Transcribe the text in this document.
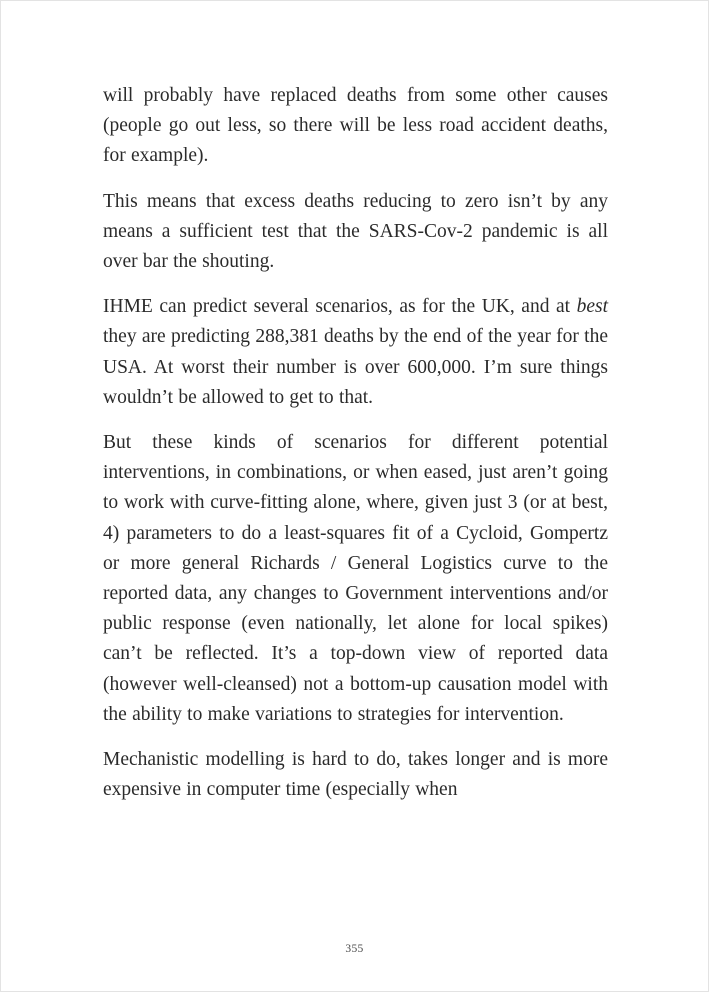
will probably have replaced deaths from some other causes (people go out less, so there will be less road accident deaths, for example).

This means that excess deaths reducing to zero isn’t by any means a sufficient test that the SARS-Cov-2 pandemic is all over bar the shouting.

IHME can predict several scenarios, as for the UK, and at best they are predicting 288,381 deaths by the end of the year for the USA. At worst their number is over 600,000. I’m sure things wouldn’t be allowed to get to that.

But these kinds of scenarios for different potential interventions, in combinations, or when eased, just aren’t going to work with curve-fitting alone, where, given just 3 (or at best, 4) parameters to do a least-squares fit of a Cycloid, Gompertz or more general Richards / General Logistics curve to the reported data, any changes to Government interventions and/or public response (even nationally, let alone for local spikes) can’t be reflected. It’s a top-down view of reported data (however well-cleansed) not a bottom-up causation model with the ability to make variations to strategies for intervention.

Mechanistic modelling is hard to do, takes longer and is more expensive in computer time (especially when

355
